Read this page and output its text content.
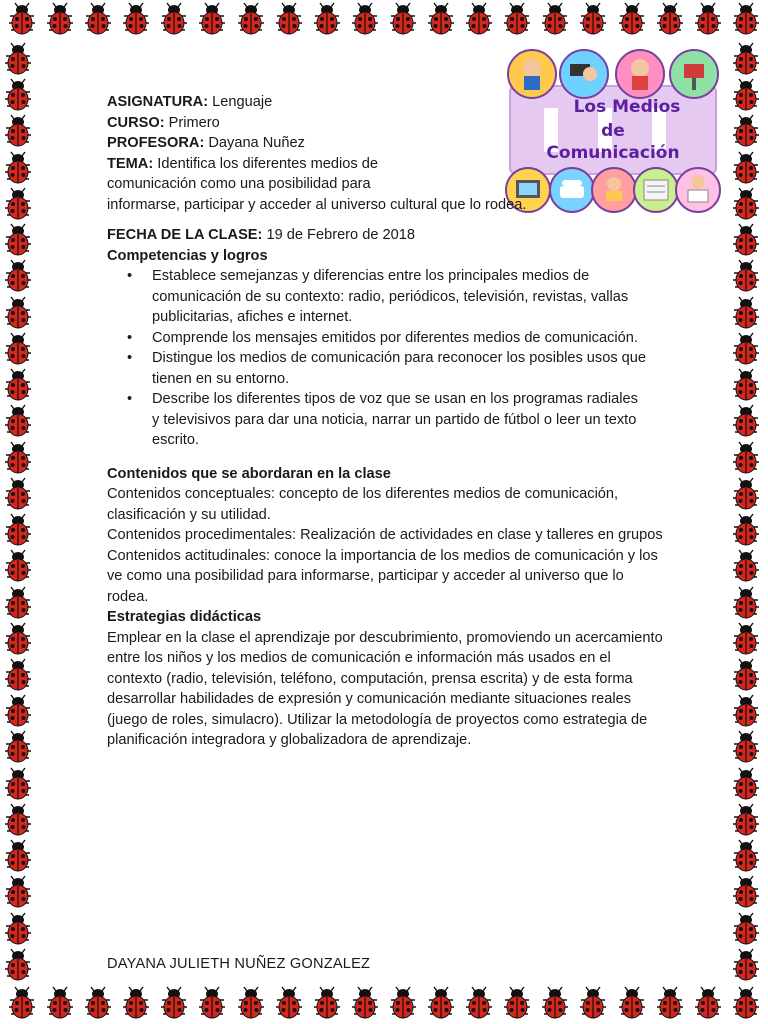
Los Medios
de
Comunicación

ASIGNATURA: Lenguaje

CURSO: Primero

PROFESORA: Dayana Nuñez

TEMA: Identifica los diferentes medios de

comunicación como una posibilidad para

informarse, participar y acceder al universo cultural que lo rodea.

FECHA DE LA CLASE: 19 de Febrero de 2018

Competencias y logros

• Establece semejanzas y diferencias entre los principales medios de comunicación de su contexto: radio, periódicos, televisión, revistas, vallas publicitarias, afiches e internet.
• Comprende los mensajes emitidos por diferentes medios de comunicación.
• Distingue los medios de comunicación para reconocer los posibles usos que tienen en su entorno.
• Describe los diferentes tipos de voz que se usan en los programas radiales y televisivos para dar una noticia, narrar un partido de fútbol o leer un texto escrito.

Contenidos que se abordaran en la clase

Contenidos conceptuales: concepto de los diferentes medios de comunicación, clasificación y su utilidad.

Contenidos procedimentales: Realización de actividades en clase y talleres en grupos

Contenidos actitudinales: conoce la importancia de los medios de comunicación y los ve como una posibilidad para informarse, participar y acceder al universo que lo rodea.

Estrategias didácticas

Emplear en la clase el aprendizaje por descubrimiento, promoviendo un acercamiento entre los niños y los medios de comunicación e información más usados en el contexto (radio, televisión, teléfono, computación, prensa escrita) y de esta forma desarrollar habilidades de expresión y comunicación mediante situaciones reales (juego de roles, simulacro). Utilizar la metodología de proyectos como estrategia de planificación integradora y globalizadora de aprendizaje.

DAYANA JULIETH NUÑEZ GONZALEZ
